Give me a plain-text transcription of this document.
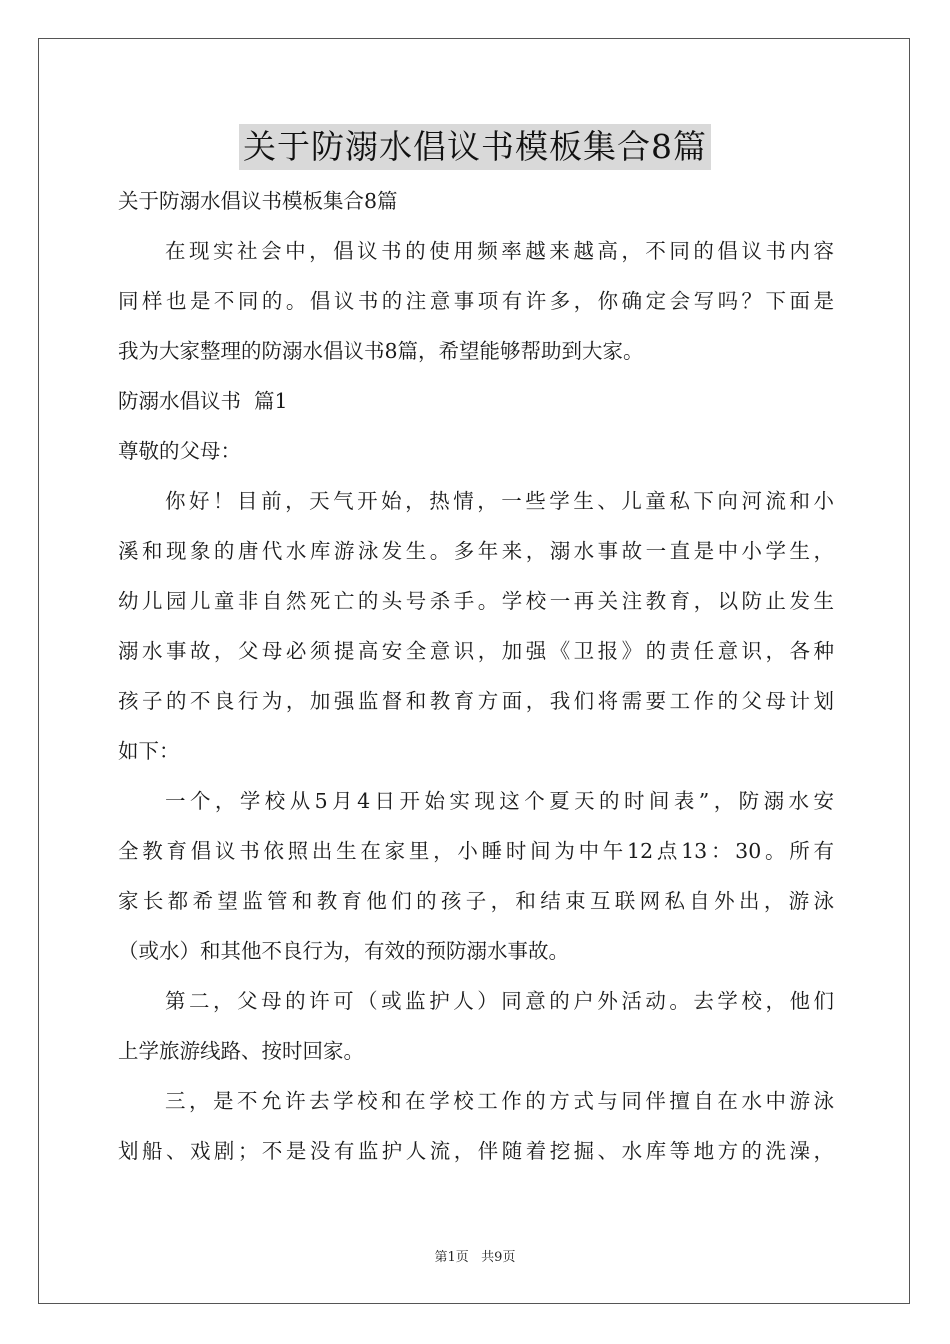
关于防溺水倡议书模板集合8篇
关于防溺水倡议书模板集合8篇
在现实社会中，倡议书的使用频率越来越高，不同的倡议书内容
同样也是不同的。倡议书的注意事项有许多，你确定会写吗？下面是
我为大家整理的防溺水倡议书8篇，希望能够帮助到大家。
防溺水倡议书  篇1
尊敬的父母：
你好！目前，天气开始，热情，一些学生、儿童私下向河流和小
溪和现象的唐代水库游泳发生。多年来，溺水事故一直是中小学生，
幼儿园儿童非自然死亡的头号杀手。学校一再关注教育，以防止发生
溺水事故，父母必须提高安全意识，加强《卫报》的责任意识，各种
孩子的不良行为，加强监督和教育方面，我们将需要工作的父母计划
如下：
一个，学校从5月4日开始实现这个夏天的时间表”，防溺水安
全教育倡议书依照出生在家里，小睡时间为中午12点13：30。所有
家长都希望监管和教育他们的孩子，和结束互联网私自外出，游泳
（或水）和其他不良行为，有效的预防溺水事故。
第二，父母的许可（或监护人）同意的户外活动。去学校，他们
上学旅游线路、按时回家。
三，是不允许去学校和在学校工作的方式与同伴擅自在水中游泳
划船、戏剧；不是没有监护人流，伴随着挖掘、水库等地方的洗澡，
第1页   共9页
